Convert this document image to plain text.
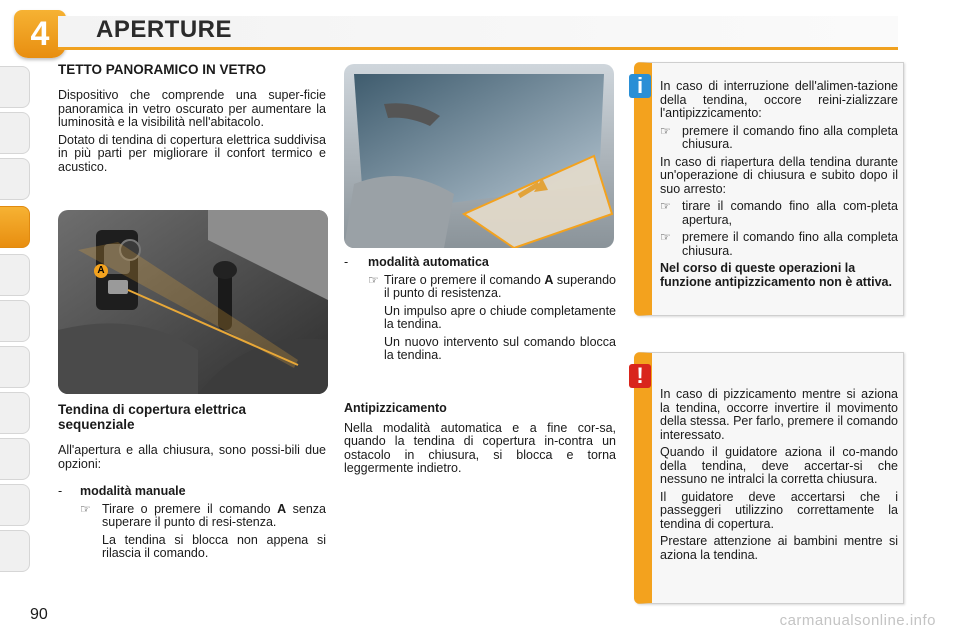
4	APERTURE
TETTO PANORAMICO IN VETRO

Dispositivo che comprende una super-ficie panoramica in vetro oscurato per aumentare la luminosità e la visibilità nell'abitacolo.

Dotato di tendina di copertura elettrica suddivisa in più parti per migliorare il confort termico e acustico.

A
Tendina di copertura elettrica sequenziale

All'apertura e alla chiusura, sono possi-bili due opzioni:

-	modalità manuale
☞ Tirare o premere il comando A senza superare il punto di resi-stenza.

La tendina si blocca non appena si rilascia il comando.

-	modalità automatica
☞ Tirare o premere il comando A superando il punto di resistenza.

Un impulso apre o chiude completamente la tendina.

Un nuovo intervento sul comando blocca la tendina.

Antipizzicamento

Nella modalità automatica e a fine cor-sa, quando la tendina di copertura in-contra un ostacolo in chiusura, si blocca e torna leggermente indietro.

i	In caso di interruzione dell'alimen-tazione della tendina, occore reini-zializzare l'antipizzicamento:

☞ premere il comando fino alla completa chiusura.

In caso di riapertura della tendina durante un'operazione di chiusura e subito dopo il suo arresto:

☞ tirare il comando fino alla com-pleta apertura,
☞ premere il comando fino alla completa chiusura.

Nel corso di queste operazioni la funzione antipizzicamento non è attiva.

!

In caso di pizzicamento mentre si aziona la tendina, occorre invertire il movimento della stessa. Per farlo, premere il comando interessato.

Quando il guidatore aziona il co-mando della tendina, deve accertar-si che nessuno ne intralci la corretta chiusura.

Il guidatore deve accertarsi che i passeggeri utilizzino correttamente la tendina di copertura.

Prestare attenzione ai bambini mentre si aziona la tendina.

90	carmanualsonline.info
